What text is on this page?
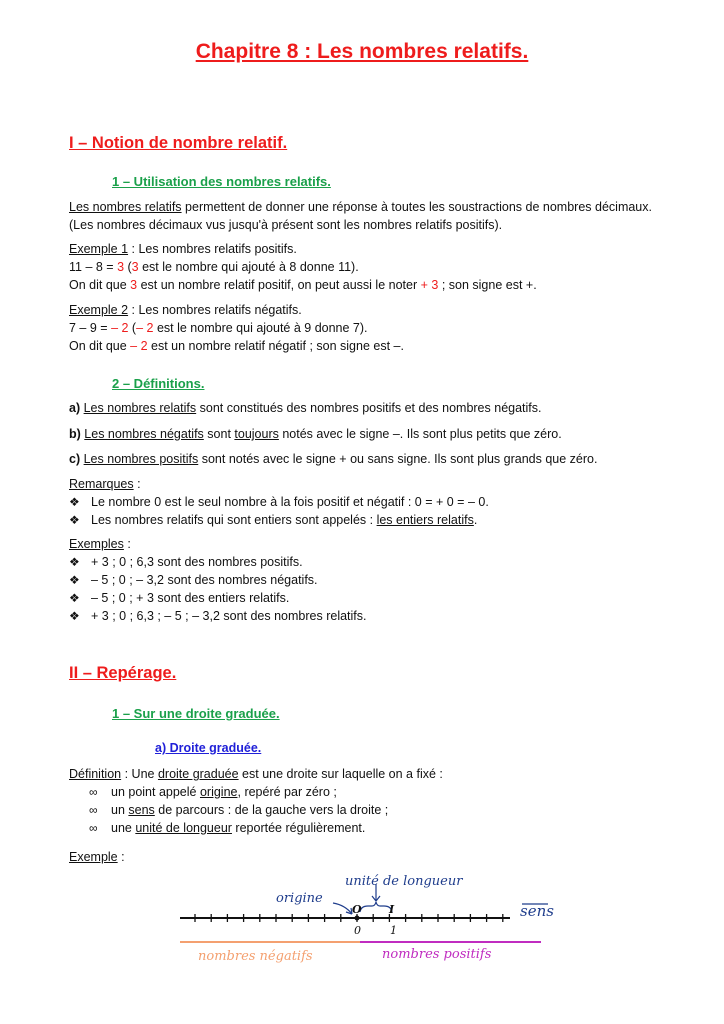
Chapitre 8 : Les nombres relatifs.
I – Notion de nombre relatif.
1 – Utilisation des nombres relatifs.
Les nombres relatifs permettent de donner une réponse à toutes les soustractions de nombres décimaux. (Les nombres décimaux vus jusqu'à présent sont les nombres relatifs positifs).
Exemple 1 : Les nombres relatifs positifs.
11 – 8 = 3 (3 est le nombre qui ajouté à 8 donne 11).
On dit que 3 est un nombre relatif positif, on peut aussi le noter + 3 ; son signe est +.
Exemple 2 : Les nombres relatifs négatifs.
7 – 9 = – 2 (– 2 est le nombre qui ajouté à 9 donne 7).
On dit que – 2 est un nombre relatif négatif ; son signe est –.
2 – Définitions.
a) Les nombres relatifs sont constitués des nombres positifs et des nombres négatifs.
b) Les nombres négatifs sont toujours notés avec le signe –. Ils sont plus petits que zéro.
c) Les nombres positifs sont notés avec le signe + ou sans signe. Ils sont plus grands que zéro.
Remarques :
❖ Le nombre 0 est le seul nombre à la fois positif et négatif : 0 = + 0 = – 0.
❖ Les nombres relatifs qui sont entiers sont appelés : les entiers relatifs.
Exemples :
❖ + 3 ; 0 ; 6,3 sont des nombres positifs.
❖ – 5 ; 0 ; – 3,2 sont des nombres négatifs.
❖ – 5 ; 0 ; + 3 sont des entiers relatifs.
❖ + 3 ; 0 ; 6,3 ; – 5 ; – 3,2 sont des nombres relatifs.
II – Repérage.
1 – Sur une droite graduée.
a) Droite graduée.
Définition : Une droite graduée est une droite sur laquelle on a fixé :
∞ un point appelé origine, repéré par zéro ;
∞ un sens de parcours : de la gauche vers la droite ;
∞ une unité de longueur reportée régulièrement.
Exemple :
origine
unité de longueur
sens
O I
0	1
nombres négatifs	nombres positifs
